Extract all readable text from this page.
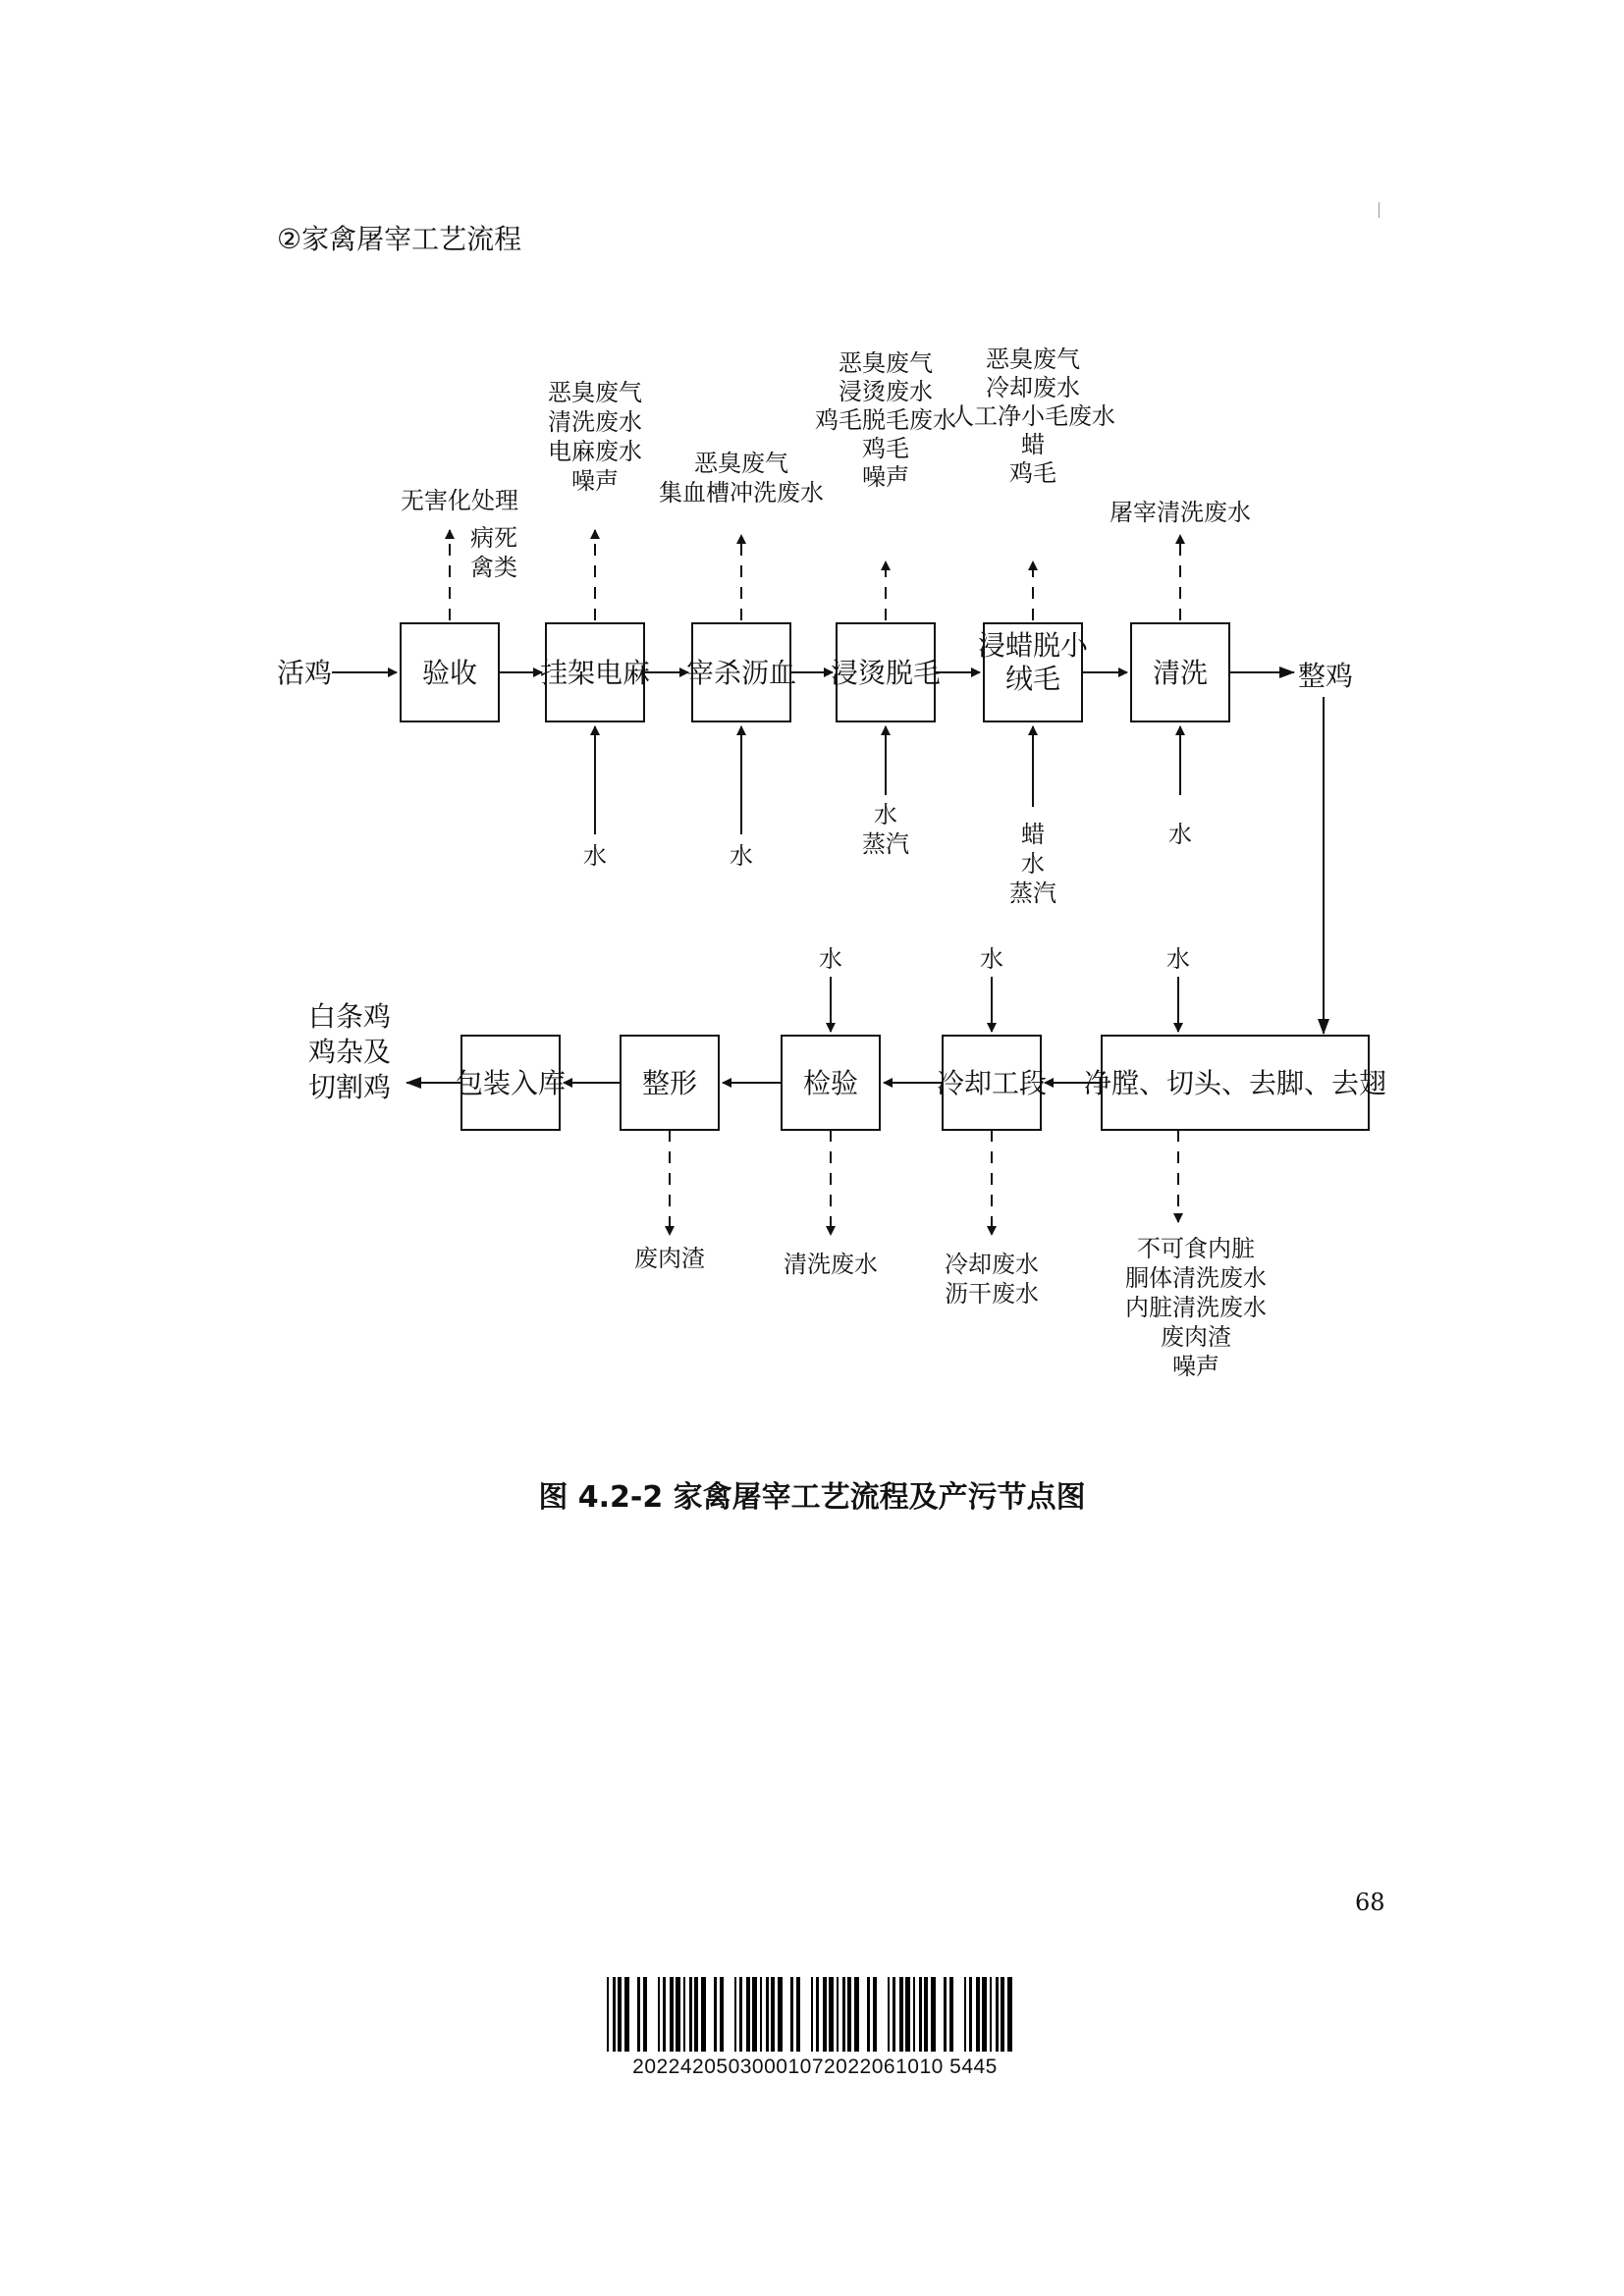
②家禽屠宰工艺流程
验收 挂架电麻 宰杀沥血 浸烫脱毛
浸蜡脱小
绒毛	清洗
活鸡	整鸡
无害化处理
病死
禽类
恶臭废气
清洗废水
电麻废水
噪声
水
恶臭废气
集血槽冲洗废水
水
恶臭废气
浸烫废水
鸡毛脱毛废水
鸡毛
噪声
水
蒸汽
恶臭废气
冷却废水
人工净小毛废水
蜡
鸡毛
蜡
水
蒸汽
屠宰清洗废水
水
净膛、切头、去脚、去翅
冷却工段
检验
整形
包装入库
白条鸡
鸡杂及
切割鸡
水
水
水
不可食内脏
胴体清洗废水
内脏清洗废水
废肉渣
噪声
冷却废水
沥干废水
清洗废水
废肉渣
图 4.2-2 家禽屠宰工艺流程及产污节点图
68
20224205030001072022061010 5445
